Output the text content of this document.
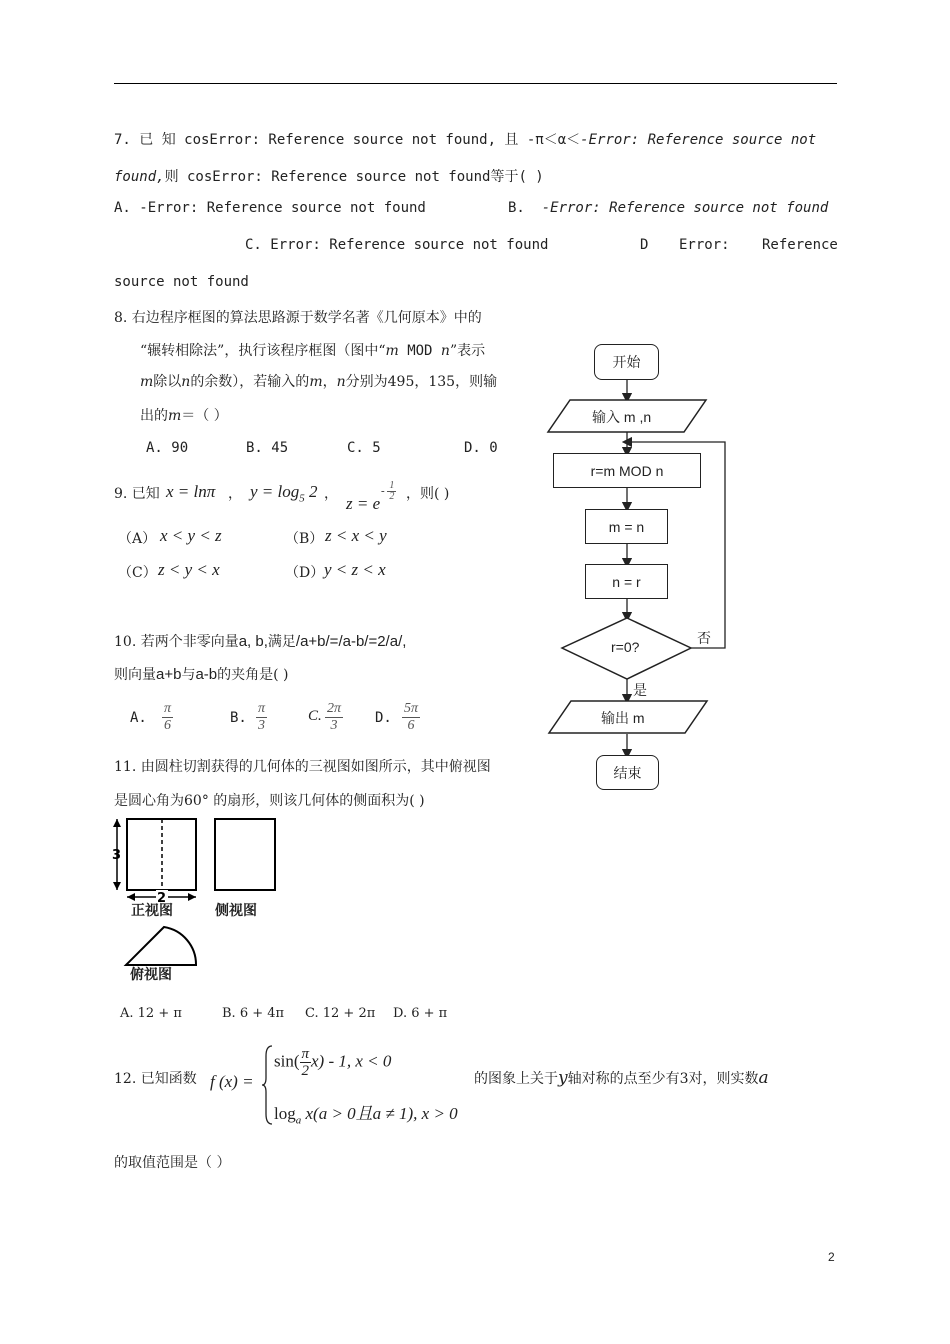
7. 已 知 cosError: Reference source not found, 且 -π＜α＜-Error: Reference source not
found,则 cosError: Reference source not found等于( )
A. -Error: Reference source not found	B. -Error: Reference source not found
C. Error: Reference source not found	D Error: Reference
source not found
8. 右边程序框图的算法思路源于数学名著《几何原本》中的
“辗转相除法”，执行该程序框图（图中“m MOD n”表示
m除以n的余数），若输入的m，n分别为495，135，则输
出的m＝（ ）
A. 90	B. 45	C. 5	D. 0
9. 已知 x = lnπ ， $y = \log_5 2$ ， z = e
- $\frac{1}{2}$ ，则( )
（A） x < y < z	（B） z < x < y
（C） z < y < x	（D） y < z < x
10. 若两个非零向量a, b,满足/a+b/=/a-b/=2/a/,
则向量a+b与a-b的夹角是( )
A. $\frac{\pi}{6}$	B. $\frac{\pi}{3}$	C. $\frac{2\pi}{3} D$. $\frac{5\pi}{6}$
11. 由圆柱切割获得的几何体的三视图如图所示，其中俯视图
是圆心角为60° 的扇形，则该几何体的侧面积为( )
3
2
正视图	侧视图
俯视图
A. 12 + π	B. 6 + 4π C. 12 + 2π D. 6 + π
12. 已知函数 f (x) =
$\sin( \frac{\pi}{2} x) - 1$, x < 0
$\log_a x(a > 0$且a ≠ 1), x > 0
的图象上关于y轴对称的点至少有3对，则实数a
的取值范围是（ ）
开始
输入 m ,n
r=m MOD n
m = n
n = r
r=0?	否
是
输出 m
结束
2
